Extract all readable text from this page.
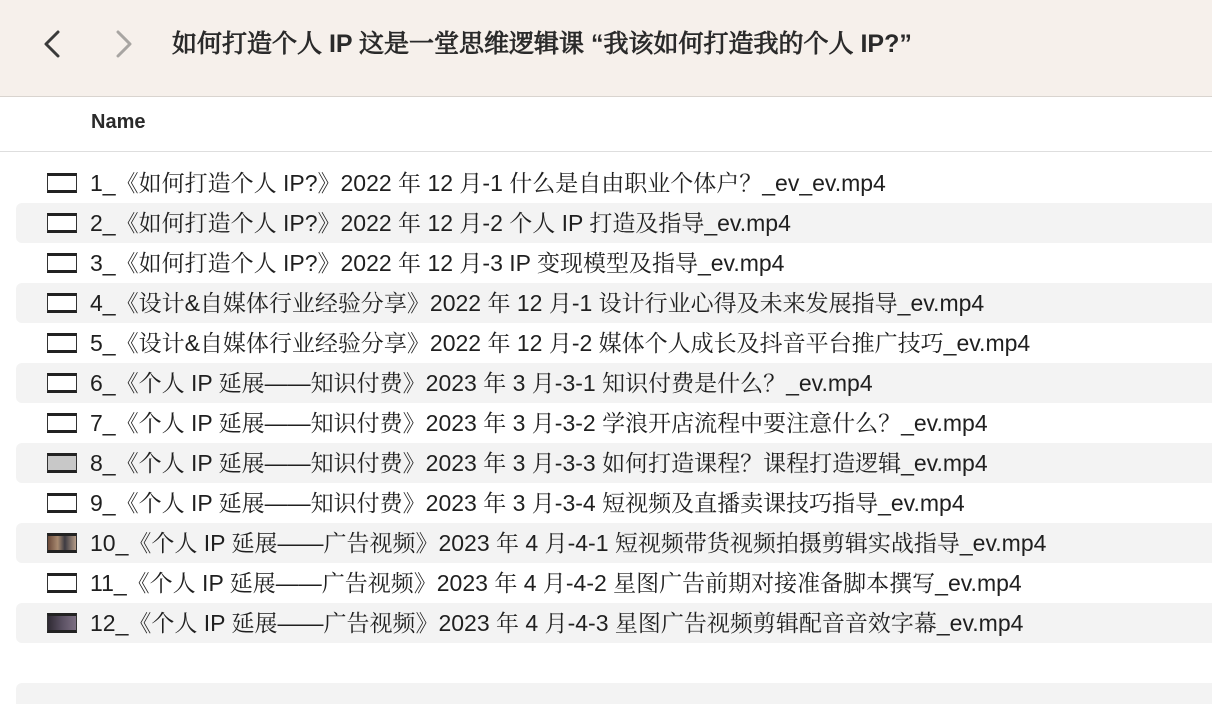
如何打造个人 IP 这是一堂思维逻辑课 “我该如何打造我的个人 IP?”
Name
1_《如何打造个人 IP?》2022 年 12 月-1 什么是自由职业个体户？_ev_ev.mp4
2_《如何打造个人 IP?》2022 年 12 月-2 个人 IP 打造及指导_ev.mp4
3_《如何打造个人 IP?》2022 年 12 月-3 IP 变现模型及指导_ev.mp4
4_《设计&自媒体行业经验分享》2022 年 12 月-1 设计行业心得及未来发展指导_ev.mp4
5_《设计&自媒体行业经验分享》2022 年 12 月-2 媒体个人成长及抖音平台推广技巧_ev.mp4
6_《个人 IP 延展——知识付费》2023 年 3 月-3-1 知识付费是什么？_ev.mp4
7_《个人 IP 延展——知识付费》2023 年 3 月-3-2 学浪开店流程中要注意什么？_ev.mp4
8_《个人 IP 延展——知识付费》2023 年 3 月-3-3 如何打造课程？课程打造逻辑_ev.mp4
9_《个人 IP 延展——知识付费》2023 年 3 月-3-4 短视频及直播卖课技巧指导_ev.mp4
10_《个人 IP 延展——广告视频》2023 年 4 月-4-1 短视频带货视频拍摄剪辑实战指导_ev.mp4
11_《个人 IP 延展——广告视频》2023 年 4 月-4-2 星图广告前期对接准备脚本撰写_ev.mp4
12_《个人 IP 延展——广告视频》2023 年 4 月-4-3 星图广告视频剪辑配音音效字幕_ev.mp4
